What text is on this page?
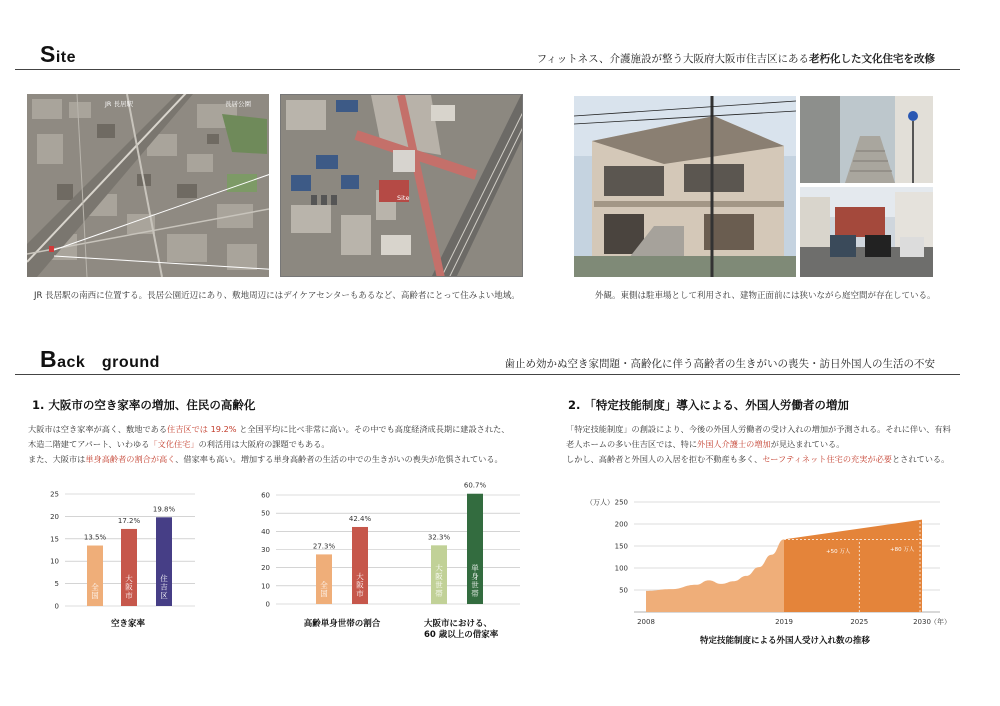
Site	フィットネス、介護施設が整う大阪府大阪市住吉区にある老朽化した文化住宅を改修
JR 長居駅	長居公園
Site
JR 長居駅の南西に位置する。長居公園近辺にあり、敷地周辺にはデイケアセンターもあるなど、高齢者にとって住みよい地域。	外観。東側は駐車場として利用され、建物正面前には狭いながら庭空間が存在している。
Back　ground	歯止め効かぬ空き家問題・高齢化に伴う高齢者の生きがいの喪失・訪日外国人の生活の不安
1. 大阪市の空き家率の増加、住民の高齢化
大阪市は空き家率が高く、敷地である住吉区では 19.2% と全国平均に比べ非常に高い。その中でも高度経済成長期に建設された、
木造二階建てアパート、いわゆる「文化住宅」の利活用は大阪府の課題でもある。
また、大阪市は単身高齢者の割合が高く、借家率も高い。増加する単身高齢者の生活の中での生きがいの喪失が危惧されている。
2. 「特定技能制度」導入による、外国人労働者の増加
「特定技能制度」の創設により、今後の外国人労働者の受け入れの増加が予測される。それに伴い、有料
老人ホームの多い住吉区では、特に外国人介護士の増加が見込まれている。
しかし、高齢者と外国人の入居を拒む不動産も多く、セーフティネット住宅の充実が必要とされている。
0
5
10
15
20
25
13.5%
全
国
17.2%
大
阪
市
19.8%
住
吉
区
空き家率
0
10
20
30
40
50
60
27.3%
全
国
42.4%
大
阪
市
32.3%
大
阪
世
帯
60.7%
単
身
世
帯
高齢単身世帯の割合	大阪市における、
60 歳以上の借家率
50
100
150
200
250
（万人）
+50 万人	+80 万人
2008	2019	2025	2030 （年）
特定技能制度による外国人受け入れ数の推移
